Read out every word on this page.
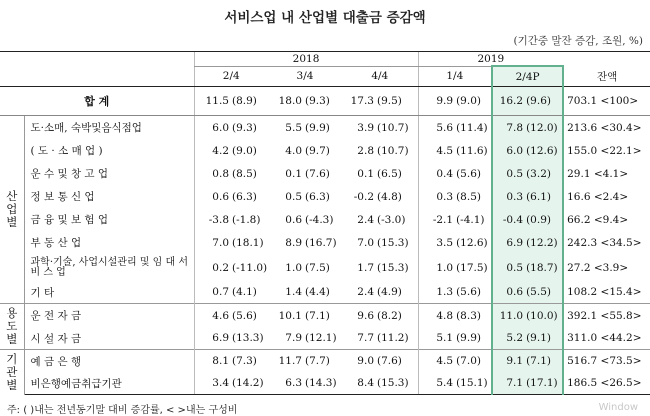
서비스업 내 산업별 대출금 증감액
(기간중 말잔 증감, 조원, %)
		2018						2019				
		2/4		3/4		4/4		1/4		2/4P		잔액
합 계		11.5	(8.9)	18.0	(9.3)	17.3	(9.5)	9.9	(9.0)	16.2	(9.6)	703.1 <100>
산업별	도·소매, 숙박및음식점업	6.0	(9.3)	5.5	(9.9)	3.9	(10.7)	5.6	(11.4)	7.8	(12.0)	213.6 <30.4>
	( 도 · 소 매 업 )	4.2	(9.0)	4.0	(9.7)	2.8	(10.7)	4.5	(11.6)	6.0	(12.6)	155.0 <22.1>
	운 수 및 창 고 업	0.8	(8.5)	0.1	(7.6)	0.1	(6.5)	0.4	(5.6)	0.5	(3.2)	29.1 <4.1>
	정 보 통 신 업	0.6	(6.3)	0.5	(6.3)	-0.2	(4.8)	0.3	(8.5)	0.3	(6.1)	16.6 <2.4>
	금 융 및 보 험 업	-3.8	(-1.8)	0.6	(-4.3)	2.4	(-3.0)	-2.1	(-4.1)	-0.4	(0.9)	66.2 <9.4>
	부 동 산 업	7.0	(18.1)	8.9	(16.7)	7.0	(15.3)	3.5	(12.6)	6.9	(12.2)	242.3 <34.5>
	과학·기술, 사업시설관리 및 임 대 서 비 스 업	0.2	(-11.0)	1.0	(7.5)	1.7	(15.3)	1.0	(17.5)	0.5	(18.7)	27.2 <3.9>
	기 타	0.7	(4.1)	1.4	(4.4)	2.4	(4.9)	1.3	(5.6)	0.6	(5.5)	108.2 <15.4>
용도별	운 전 자 금	4.6	(5.6)	10.1	(7.1)	9.6	(8.2)	4.8	(8.3)	11.0	(10.0)	392.1 <55.8>
	시 설 자 금	6.9	(13.3)	7.9	(12.1)	7.7	(11.2)	5.1	(9.9)	5.2	(9.1)	311.0 <44.2>
기관별	예 금 은 행	8.1	(7.3)	11.7	(7.7)	9.0	(7.6)	4.5	(7.0)	9.1	(7.1)	516.7 <73.5>
	비은행예금취급기관	3.4	(14.2)	6.3	(14.3)	8.4	(15.3)	5.4	(15.1)	7.1	(17.1)	186.5 <26.5>
주: ( )내는 전년동기말 대비 증감률, < >내는 구성비	Window
